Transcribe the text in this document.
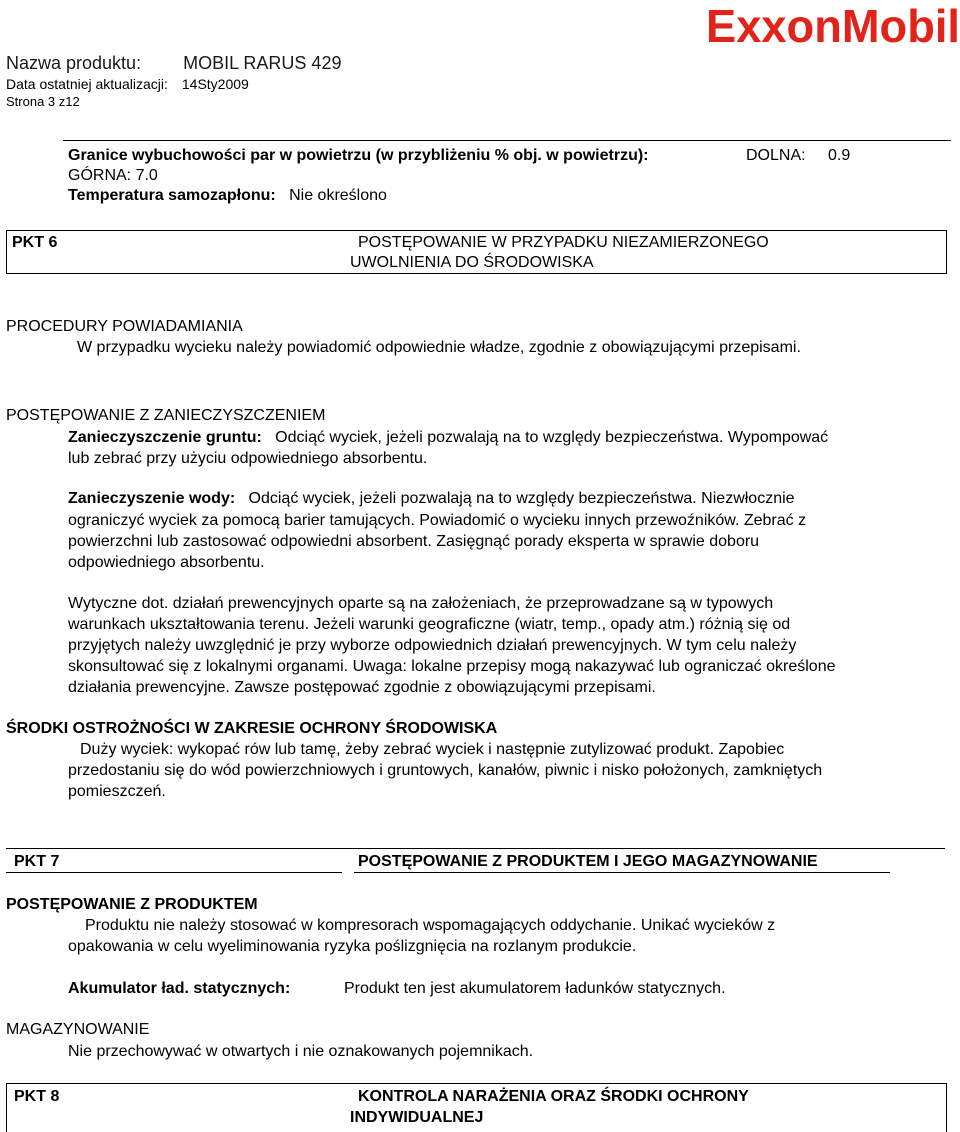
ExxonMobil
Nazwa produktu: MOBIL RARUS 429
Data ostatniej aktualizacji: 14Sty2009
Strona 3 z12
Granice wybuchowości par w powietrzu (w przybliżeniu % obj. w powietrzu):	DOLNA: 0.9
GÓRNA: 7.0
Temperatura samozapłonu: Nie określono
PKT 6	POSTĘPOWANIE W PRZYPADKU NIEZAMIERZONEGO
UWOLNIENIA DO ŚRODOWISKA
PROCEDURY POWIADAMIANIA
W przypadku wycieku należy powiadomić odpowiednie władze, zgodnie z obowiązującymi przepisami.
POSTĘPOWANIE Z ZANIECZYSZCZENIEM
Zanieczyszczenie gruntu: Odciąć wyciek, jeżeli pozwalają na to względy bezpieczeństwa. Wypompować
lub zebrać przy użyciu odpowiedniego absorbentu.
Zanieczyszenie wody: Odciąć wyciek, jeżeli pozwalają na to względy bezpieczeństwa. Niezwłocznie
ograniczyć wyciek za pomocą barier tamujących. Powiadomić o wycieku innych przewoźników. Zebrać z
powierzchni lub zastosować odpowiedni absorbent. Zasięgnąć porady eksperta w sprawie doboru
odpowiedniego absorbentu.
Wytyczne dot. działań prewencyjnych oparte są na założeniach, że przeprowadzane są w typowych
warunkach ukształtowania terenu. Jeżeli warunki geograficzne (wiatr, temp., opady atm.) różnią się od
przyjętych należy uwzględnić je przy wyborze odpowiednich działań prewencyjnych. W tym celu należy
skonsultować się z lokalnymi organami. Uwaga: lokalne przepisy mogą nakazywać lub ograniczać określone
działania prewencyjne. Zawsze postępować zgodnie z obowiązującymi przepisami.
ŚRODKI OSTROŻNOŚCI W ZAKRESIE OCHRONY ŚRODOWISKA
Duży wyciek: wykopać rów lub tamę, żeby zebrać wyciek i następnie zutylizować produkt. Zapobiec
przedostaniu się do wód powierzchniowych i gruntowych, kanałów, piwnic i nisko położonych, zamkniętych
pomieszczeń.
PKT 7	POSTĘPOWANIE Z PRODUKTEM I JEGO MAGAZYNOWANIE
POSTĘPOWANIE Z PRODUKTEM
Produktu nie należy stosować w kompresorach wspomagających oddychanie. Unikać wycieków z
opakowania w celu wyeliminowania ryzyka poślizgnięcia na rozlanym produkcie.
Akumulator ład. statycznych:	Produkt ten jest akumulatorem ładunków statycznych.
MAGAZYNOWANIE
Nie przechowywać w otwartych i nie oznakowanych pojemnikach.
PKT 8	KONTROLA NARAŻENIA ORAZ ŚRODKI OCHRONY
INDYWIDUALNEJ
